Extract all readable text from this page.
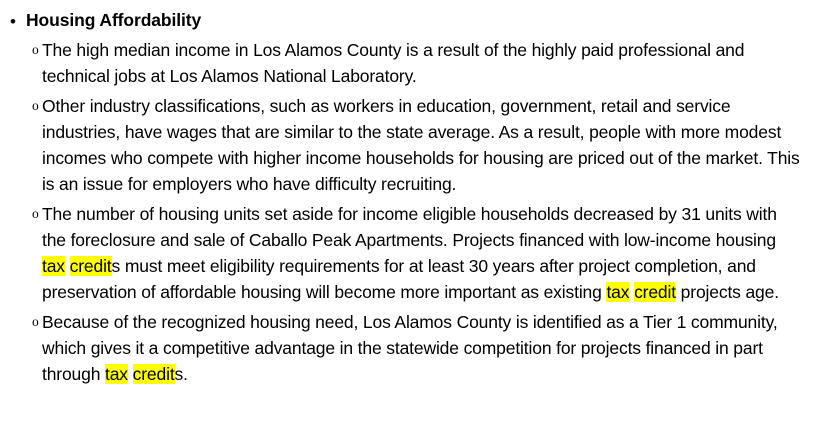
• Housing Affordability
o The high median income in Los Alamos County is a result of the highly paid professional and technical jobs at Los Alamos National Laboratory.
o Other industry classifications, such as workers in education, government, retail and service industries, have wages that are similar to the state average. As a result, people with more modest incomes who compete with higher income households for housing are priced out of the market. This is an issue for employers who have difficulty recruiting.
o The number of housing units set aside for income eligible households decreased by 31 units with the foreclosure and sale of Caballo Peak Apartments. Projects financed with low-income housing tax credits must meet eligibility requirements for at least 30 years after project completion, and preservation of affordable housing will become more important as existing tax credit projects age.
o Because of the recognized housing need, Los Alamos County is identified as a Tier 1 community, which gives it a competitive advantage in the statewide competition for projects financed in part through tax credits.
